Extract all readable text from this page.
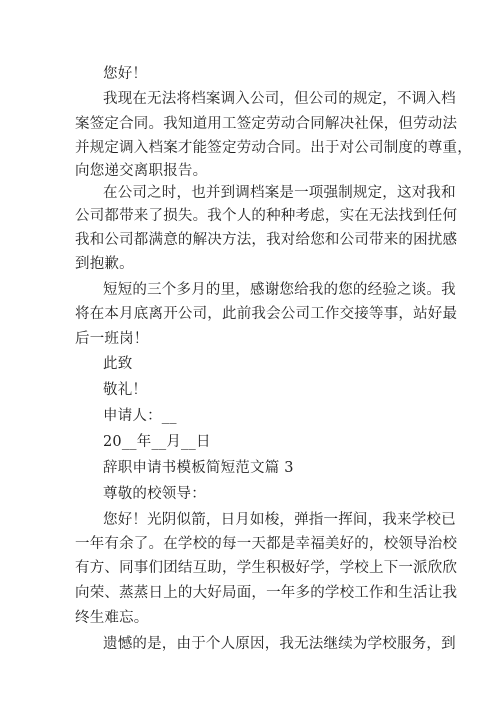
您好！
我现在无法将档案调入公司，但公司的规定，不调入档
案签定合同。我知道用工签定劳动合同解决社保，但劳动法
并规定调入档案才能签定劳动合同。出于对公司制度的尊重，
向您递交离职报告。
在公司之时，也并到调档案是一项强制规定，这对我和
公司都带来了损失。我个人的种种考虑，实在无法找到任何
我和公司都满意的解决方法，我对给您和公司带来的困扰感
到抱歉。
短短的三个多月的里，感谢您给我的您的经验之谈。我
将在本月底离开公司，此前我会公司工作交接等事，站好最
后一班岗！
此致
敬礼！
申请人：__
20__年__月__日
辞职申请书模板简短范文篇 3
尊敬的校领导：
您好！光阴似箭，日月如梭，弹指一挥间，我来学校已
一年有余了。在学校的每一天都是幸福美好的，校领导治校
有方、同事们团结互助，学生积极好学，学校上下一派欣欣
向荣、蒸蒸日上的大好局面，一年多的学校工作和生活让我
终生难忘。
遗憾的是，由于个人原因，我无法继续为学校服务，到
